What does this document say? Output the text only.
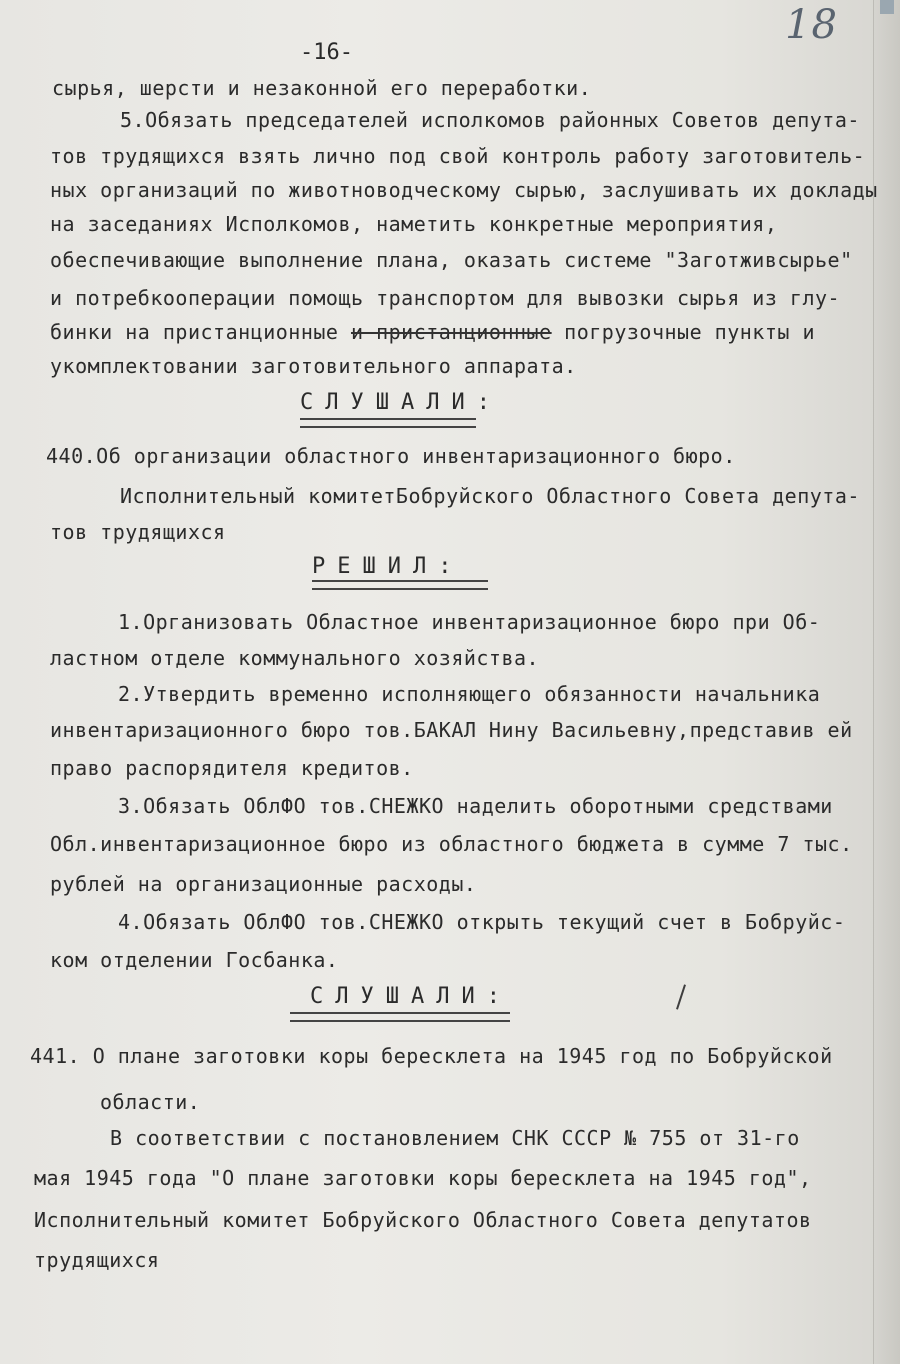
18
-16-
сырья, шерсти и незаконной его переработки.
5.Обязать председателей исполкомов районных Советов депута-
тов трудящихся взять лично под свой контроль работу заготовитель-
ных организаций по животноводческому сырью, заслушивать их доклады
на заседаниях Исполкомов, наметить конкретные мероприятия,
обеспечивающие выполнение плана, оказать системе "Заготживсырье"
и потребкооперации помощь транспортом для вывозки сырья из глу-
бинки на пристанционные и пристанционные погрузочные пункты и
укомплектовании заготовительного аппарата.
СЛУШАЛИ:
440.Об организации областного инвентаризационного бюро.
Исполнительный комитетБобруйского Областного Совета депута-
тов трудящихся
РЕШИЛ:
1.Организовать Областное инвентаризационное бюро при Об-
ластном отделе коммунального хозяйства.
2.Утвердить временно исполняющего обязанности начальника
инвентаризационного бюро тов.БАКАЛ Нину Васильевну,представив ей
право распорядителя кредитов.
3.Обязать ОблФО тов.СНЕЖКО наделить оборотными средствами
Обл.инвентаризационное бюро из областного бюджета в сумме 7 тыс.
рублей на организационные расходы.
4.Обязать ОблФО тов.СНЕЖКО открыть текущий счет в Бобруйс-
ком отделении Госбанка.
СЛУШАЛИ:
441. О плане заготовки коры бересклета на 1945 год по Бобруйской
области.
В соответствии с постановлением СНК СССР № 755 от 31-го
мая 1945 года "О плане заготовки коры бересклета на 1945 год",
Исполнительный комитет Бобруйского Областного Совета депутатов
трудящихся
